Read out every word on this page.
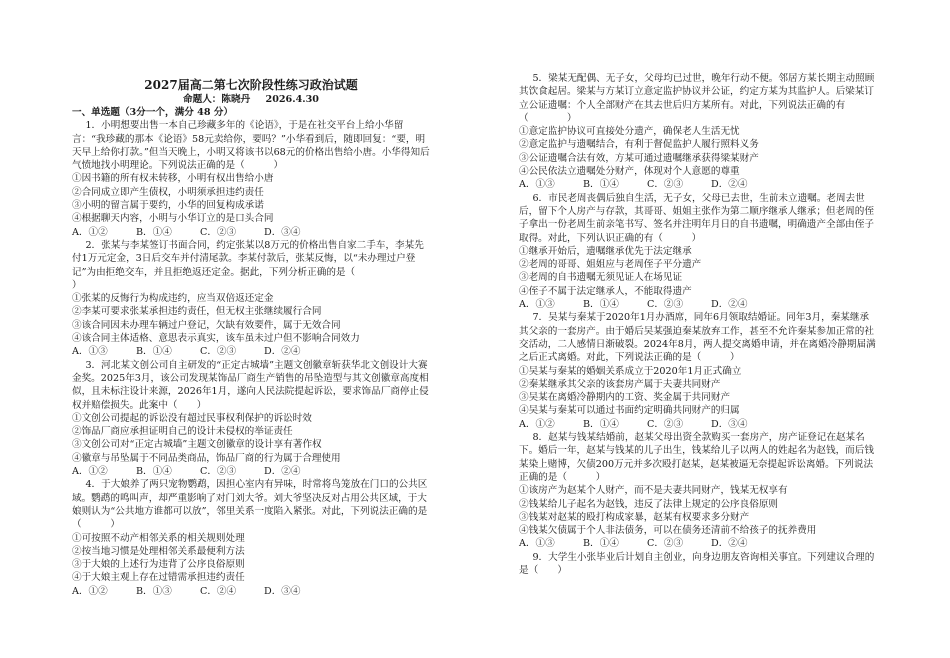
2027届高二第七次阶段性练习政治试题

命题人：陈晓丹 2026.4.30

一、单选题（3分一个，满分 48 分）

1．小明想要出售一本自己珍藏多年的《论语》，于是在社交平台上给小华留言：“我珍藏的那本《论语》58元卖给你，要吗？”小华看到后，随即回复：“要，明天早上给你打款。”但当天晚上，小明又将该书以68元的价格出售给小唐。小华得知后气愤地找小明理论。下列说法正确的是（　　　）

①因书籍的所有权未转移，小明有权出售给小唐

②合同成立即产生债权，小明须承担违约责任

③小明的留言属于要约，小华的回复构成承诺

④根据聊天内容，小明与小华订立的是口头合同

A．①②	B．①④	C．②③	D．③④

2．张某与李某签订书面合同，约定张某以8万元的价格出售自家二手车，李某先付1万元定金，3日后交车并付清尾款。李某付款后，张某反悔，以“未办理过户登记”为由拒绝交车，并且拒绝返还定金。据此，下列分析正确的是（

）

①张某的反悔行为构成违约，应当双倍返还定金

②李某可要求张某承担违约责任，但无权主张继续履行合同

③该合同因未办理车辆过户登记，欠缺有效要件，属于无效合同

④该合同主体适格、意思表示真实，该车虽未过户但不影响合同效力

A．①③	B．①④	C．②③	D．②④

3．河北某文创公司自主研发的“正定古城墙”主题文创徽章斩获华北文创设计大赛金奖。2025年3月，该公司发现某饰品厂商生产销售的吊坠造型与其文创徽章高度相似，且未标注设计来源，2026年1月，遂向人民法院提起诉讼，要求饰品厂商停止侵权并赔偿损失。此案中（　　）

①文创公司提起的诉讼没有超过民事权利保护的诉讼时效

②饰品厂商应承担证明自己的设计未侵权的举证责任

③文创公司对“正定古城墙”主题文创徽章的设计享有著作权

④徽章与吊坠属于不同品类商品，饰品厂商的行为属于合理使用

A．①②	B．①④	C．②③	D．②④

4．于大娘养了两只宠物鹦鹉，因担心室内有异味，时常将鸟笼放在门口的公共区域。鹦鹉的鸣叫声，却严重影响了对门刘大爷。刘大爷坚决反对占用公共区域，于大娘则认为“公共地方谁都可以放”，邻里关系一度陷入紧张。对此，下列说法正确的是（　　　）

①可按照不动产相邻关系的相关规则处理

②按当地习惯是处理相邻关系最便利方法

③于大娘的上述行为违背了公序良俗原则

④于大娘主观上存在过错需承担违约责任

A．①②	B．①③	C．②④	D．③④

5．梁某无配偶、无子女，父母均已过世，晚年行动不便。邻居方某长期主动照顾其饮食起居。梁某与方某订立意定监护协议并公证，约定方某为其监护人。后梁某订立公证遗嘱：个人全部财产在其去世后归方某所有。对此，下列说法正确的有（　　　　）

①意定监护协议可直接处分遗产，确保老人生活无忧

②意定监护与遗嘱结合，有利于督促监护人履行照料义务

③公证遗嘱合法有效，方某可通过遗嘱继承获得梁某财产

④公民依法立遗嘱处分财产，体现对个人意愿的尊重

A．①③	B．①④	C．②③	D．②④

6．市民老周丧偶后独自生活，无子女，父母已去世，生前未立遗嘱。老周去世后，留下个人房产与存款，其哥哥、姐姐主张作为第二顺序继承人继承；但老周的侄子拿出一份老周生前亲笔书写、签名并注明年月日的自书遗嘱，明确遗产全部由侄子取得。对此，下列认识正确的有（　　　）

①继承开始后，遗嘱继承优先于法定继承

②老周的哥哥、姐姐应与老周侄子平分遗产

③老周的自书遗嘱无须见证人在场见证

④侄子不属于法定继承人，不能取得遗产

A．①③	B．①④	C．②③	D．②④

7．吴某与秦某于2020年1月办酒席，同年6月领取结婚证。同年3月，秦某继承其父亲的一套房产。由于婚后吴某强迫秦某放弃工作，甚至不允许秦某参加正常的社交活动，二人感情日渐破裂。2024年8月，两人提交离婚申请，并在离婚冷静期届满之后正式离婚。对此，下列说法正确的是（　　　）

①吴某与秦某的婚姻关系成立于2020年1月正式确立

②秦某继承其父亲的该套房产属于夫妻共同财产

③吴某在离婚冷静期内的工资、奖金属于共同财产

④吴某与秦某可以通过书面约定明确共同财产的归属

A．①②	B．①④	C．②③	D．③④

8．赵某与钱某结婚前，赵某父母出资全款购买一套房产，房产证登记在赵某名下。婚后一年，赵某与钱某的儿子出生，钱某给儿子以两人的姓起名为赵钱，而后钱某染上赌博，欠债200万元并多次殴打赵某，赵某被逼无奈提起诉讼离婚。下列说法正确的是（　　　）

①该房产为赵某个人财产，而不是夫妻共同财产，钱某无权享有

②钱某给儿子起名为赵钱，违反了法律上规定的公序良俗原则

③钱某对赵某的殴打构成家暴，赵某有权要求多分财产

④钱某欠债属于个人非法债务，可以在债务还清前不给孩子的抚养费用

A．①③	B．①④	C．②③	D．②④

9．大学生小张毕业后计划自主创业，向身边朋友咨询相关事宜。下列建议合理的是（　　）
